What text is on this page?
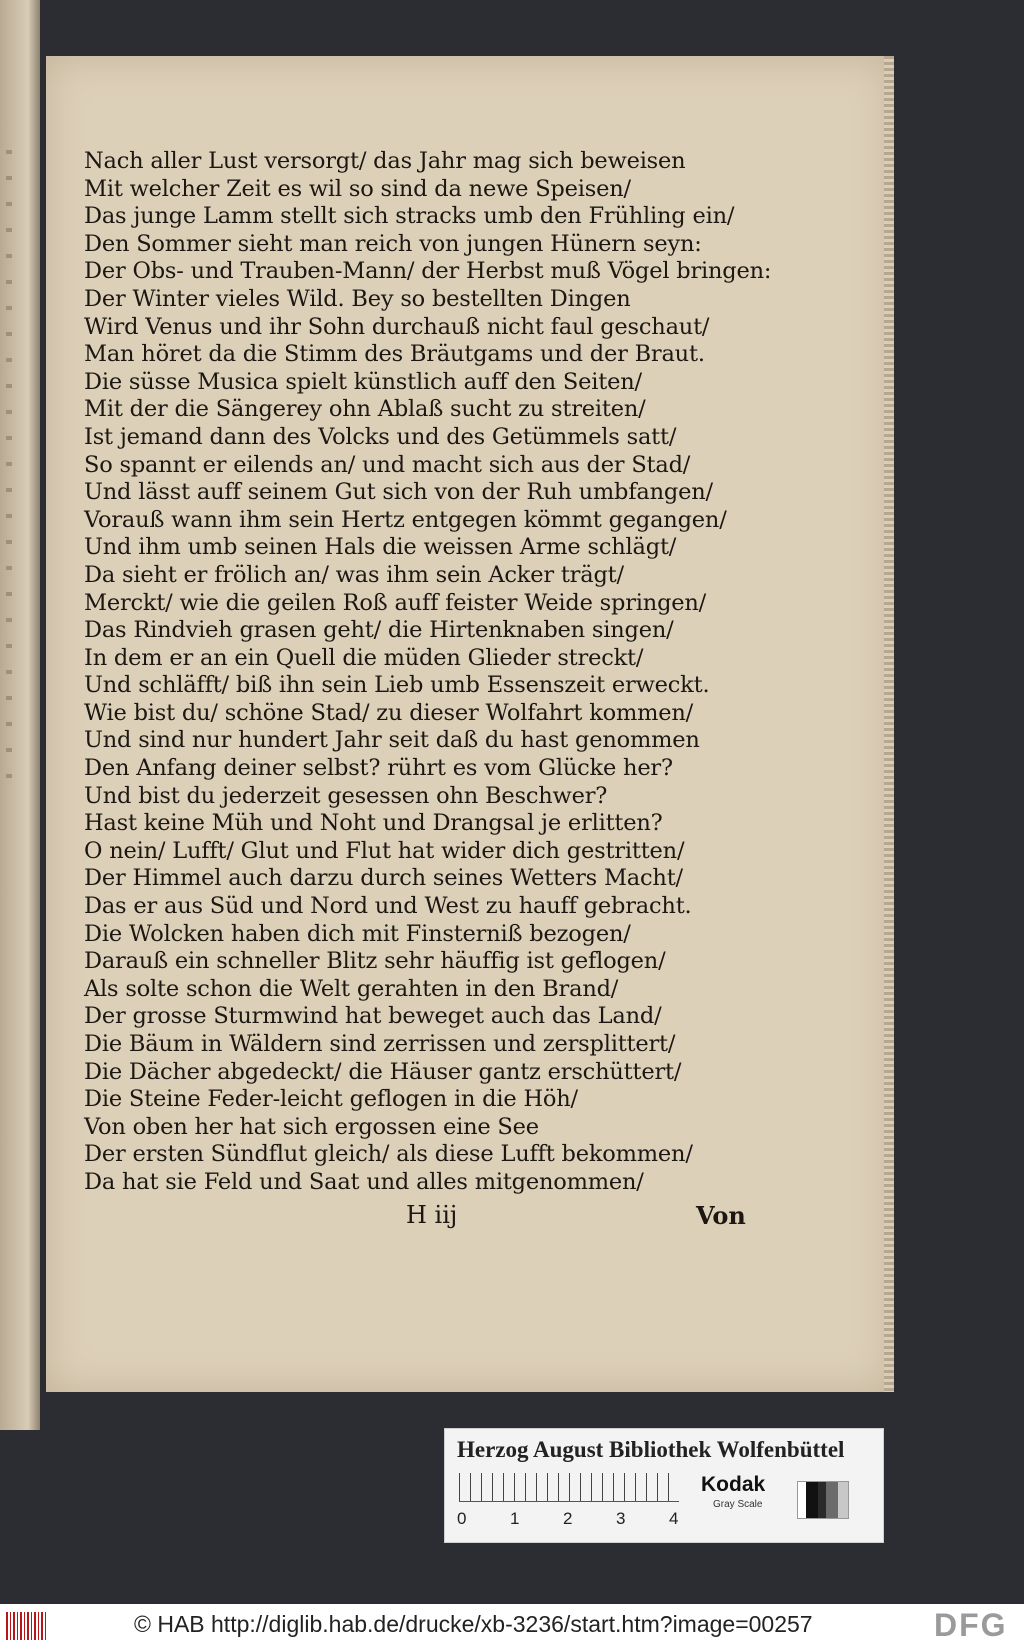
Nach aller Lust versorgt/ das Jahr mag sich beweisen
Mit welcher Zeit es wil so sind da newe Speisen/
Das junge Lamm stellt sich stracks umb den Frühling ein/
Den Sommer sieht man reich von jungen Hünern seyn:
Der Obs- und Trauben-Mann/ der Herbst muß Vögel bringen:
Der Winter vieles Wild. Bey so bestellten Dingen
Wird Venus und ihr Sohn durchauß nicht faul geschaut/
Man höret da die Stimm des Bräutgams und der Braut.
Die süsse Musica spielt künstlich auff den Seiten/
Mit der die Sängerey ohn Ablaß sucht zu streiten/
Ist jemand dann des Volcks und des Getümmels satt/
So spannt er eilends an/ und macht sich aus der Stad/
Und lässt auff seinem Gut sich von der Ruh umbfangen/
Vorauß wann ihm sein Hertz entgegen kömmt gegangen/
Und ihm umb seinen Hals die weissen Arme schlägt/
Da sieht er frölich an/ was ihm sein Acker trägt/
Merckt/ wie die geilen Roß auff feister Weide springen/
Das Rindvieh grasen geht/ die Hirtenknaben singen/
In dem er an ein Quell die müden Glieder streckt/
Und schläfft/ biß ihn sein Lieb umb Essenszeit erweckt.
Wie bist du/ schöne Stad/ zu dieser Wolfahrt kommen/
Und sind nur hundert Jahr seit daß du hast genommen
Den Anfang deiner selbst? rührt es vom Glücke her?
Und bist du jederzeit gesessen ohn Beschwer?
Hast keine Müh und Noht und Drangsal je erlitten?
O nein/ Lufft/ Glut und Flut hat wider dich gestritten/
Der Himmel auch darzu durch seines Wetters Macht/
Das er aus Süd und Nord und West zu hauff gebracht.
Die Wolcken haben dich mit Finsterniß bezogen/
Darauß ein schneller Blitz sehr häuffig ist geflogen/
Als solte schon die Welt gerahten in den Brand/
Der grosse Sturmwind hat beweget auch das Land/
Die Bäum in Wäldern sind zerrissen und zersplittert/
Die Dächer abgedeckt/ die Häuser gantz erschüttert/
Die Steine Feder-leicht geflogen in die Höh/
Von oben her hat sich ergossen eine See
Der ersten Sündflut gleich/ als diese Lufft bekommen/
Da hat sie Feld und Saat und alles mitgenommen/
H iij	Von
Herzog August Bibliothek Wolfenbüttel
0	1	2	3	4
Kodak
Gray Scale
© HAB http://diglib.hab.de/drucke/xb-3236/start.htm?image=00257	DFG
